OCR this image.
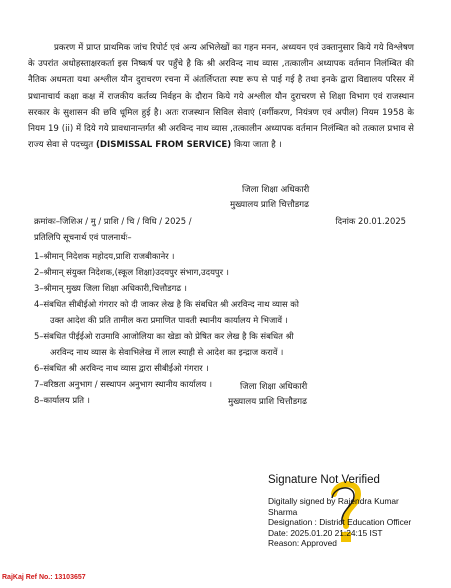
प्रकरण में प्राप्त प्राथमिक जांच रिपोर्ट एवं अन्य अभिलेखों का गहन मनन, अध्ययन एवं उक्तानुसार किये गये विश्लेषण के उपरांत अधोहस्ताक्षरकर्ता इस निष्कर्ष पर पहुँचे है कि श्री अरविन्द नाथ व्यास ,तत्कालीन अध्यापक वर्तमान निलंम्बित की नैतिक अधमता यथा अश्लील यौन दुराचरण रचना में अंतर्लिप्तता स्पष्ट रूप से पाई गई है तथा इनके द्वारा विद्यालय परिसर में प्रधानाचार्य कक्षा कक्ष में राजकीय कर्तव्य निर्वहन के दौरान किये गये अश्लील यौन दुराचरण से शिक्षा विभाग एवं राजस्थान सरकार के सुशासन की छवि धूमिल हुई है। अतः राजस्थान सिविल सेवाएं (वर्गीकरण, नियंत्रण एवं अपील) नियम 1958 के नियम 19 (ii) में दिये गये प्रावधानान्तर्गत श्री अरविन्द नाथ व्यास ,तत्कालीन अध्यापक वर्तमान निलंम्बित को तत्काल प्रभाव से राज्य सेवा से पदच्युत (DISMISSAL FROM SERVICE) किया जाता है ।

जिला शिक्षा अधिकारी
मुख्यालय प्राशि चित्तौडगढ
क्रमांकः–जिशिअ / मु / प्राशि / चि / विधि / 2025 /	दिनांक 20.01.2025
प्रतिलिपि सूचनार्थ एवं पालनार्थः–
1–श्रीमान् निदेशक महोदय,प्राशि राजबीकानेर ।
2–श्रीमान् संयुक्त निदेशक,(स्कूल शिक्षा)उदयपुर संभाग,उदयपुर ।
3–श्रीमान् मुख्य जिला शिक्षा अधिकारी,चित्तौडगढ ।
4–संबधित सीबीईओ गंगरार को दी जाकर लेख है कि संबधित श्री अरविन्द नाथ व्यास को
उक्त आदेश की प्रति तामील करा प्रमाणित पावती स्थानीय कार्यालय मे भिजावें ।
5–संबधित पीईईओ राउमावि आजोलिया का खेडा को प्रेषित कर लेख है कि संबधित श्री
अरविन्द नाथ व्यास के सेवाभिलेख में लाल स्याही से आदेश का इन्द्राज करावें ।
6–संबधित श्री अरविन्द नाथ व्यास द्वारा सीबीईओ गंगरार ।
7–वरिष्ठता अनुभाग / सस्थापन अनुभाग स्थानीय कार्यालय ।
8–कार्यालय प्रति ।
जिला शिक्षा अधिकारी
मुख्यालय प्राशि चित्तौडगढ
Signature Not Verified
Digitally signed by Rajendra Kumar
Sharma
Designation : District Education Officer
Date: 2025.01.20 21:24:15 IST
Reason: Approved
RajKaj Ref No.: 13103657
